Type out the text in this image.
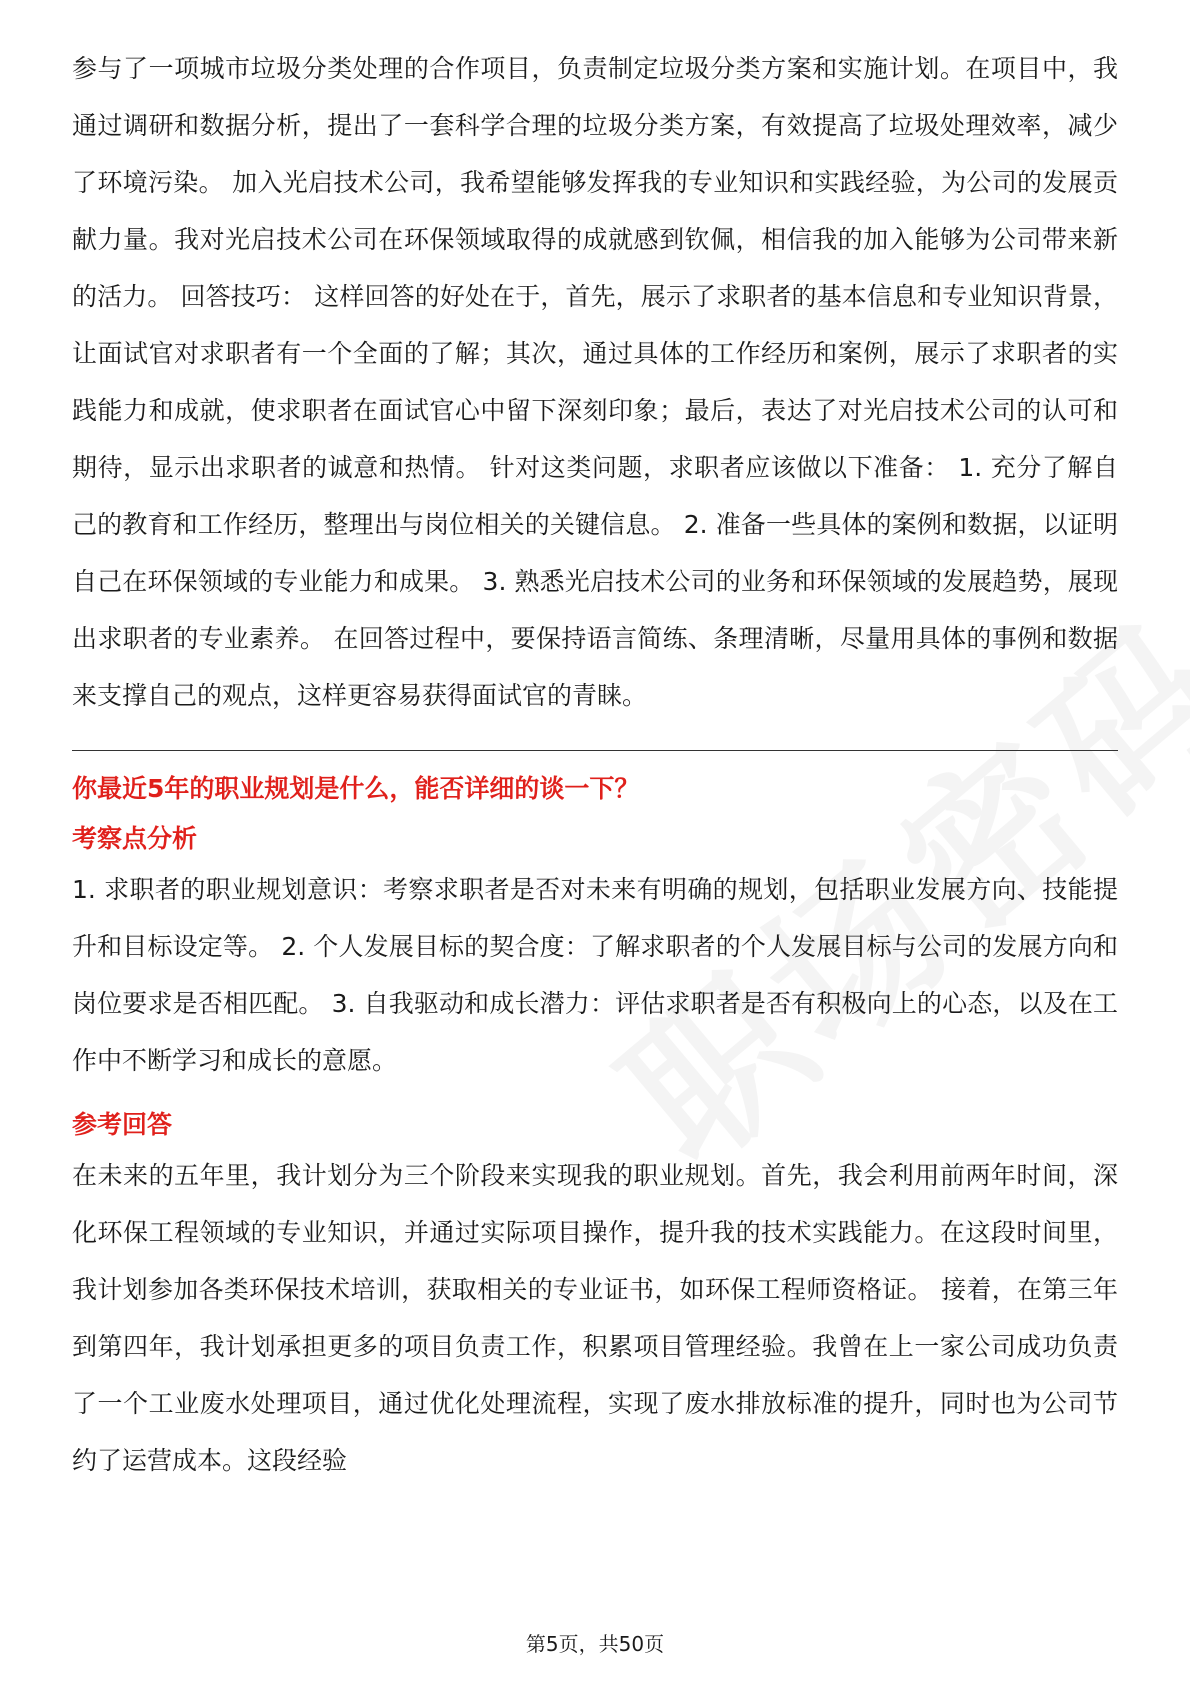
参与了一项城市垃圾分类处理的合作项目，负责制定垃圾分类方案和实施计划。在项目中，我通过调研和数据分析，提出了一套科学合理的垃圾分类方案，有效提高了垃圾处理效率，减少了环境污染。 加入光启技术公司，我希望能够发挥我的专业知识和实践经验，为公司的发展贡献力量。我对光启技术公司在环保领域取得的成就感到钦佩，相信我的加入能够为公司带来新的活力。 回答技巧： 这样回答的好处在于，首先，展示了求职者的基本信息和专业知识背景，让面试官对求职者有一个全面的了解；其次，通过具体的工作经历和案例，展示了求职者的实践能力和成就，使求职者在面试官心中留下深刻印象；最后，表达了对光启技术公司的认可和期待，显示出求职者的诚意和热情。 针对这类问题，求职者应该做以下准备： 1. 充分了解自己的教育和工作经历，整理出与岗位相关的关键信息。 2. 准备一些具体的案例和数据，以证明自己在环保领域的专业能力和成果。 3. 熟悉光启技术公司的业务和环保领域的发展趋势，展现出求职者的专业素养。 在回答过程中，要保持语言简练、条理清晰，尽量用具体的事例和数据来支撑自己的观点，这样更容易获得面试官的青睐。

你最近5年的职业规划是什么，能否详细的谈一下？

考察点分析

1. 求职者的职业规划意识：考察求职者是否对未来有明确的规划，包括职业发展方向、技能提升和目标设定等。 2. 个人发展目标的契合度：了解求职者的个人发展目标与公司的发展方向和岗位要求是否相匹配。 3. 自我驱动和成长潜力：评估求职者是否有积极向上的心态，以及在工作中不断学习和成长的意愿。

参考回答

在未来的五年里，我计划分为三个阶段来实现我的职业规划。首先，我会利用前两年时间，深化环保工程领域的专业知识，并通过实际项目操作，提升我的技术实践能力。在这段时间里，我计划参加各类环保技术培训，获取相关的专业证书，如环保工程师资格证。 接着，在第三年到第四年，我计划承担更多的项目负责工作，积累项目管理经验。我曾在上一家公司成功负责了一个工业废水处理项目，通过优化处理流程，实现了废水排放标准的提升，同时也为公司节约了运营成本。这段经验

第5页，共50页
